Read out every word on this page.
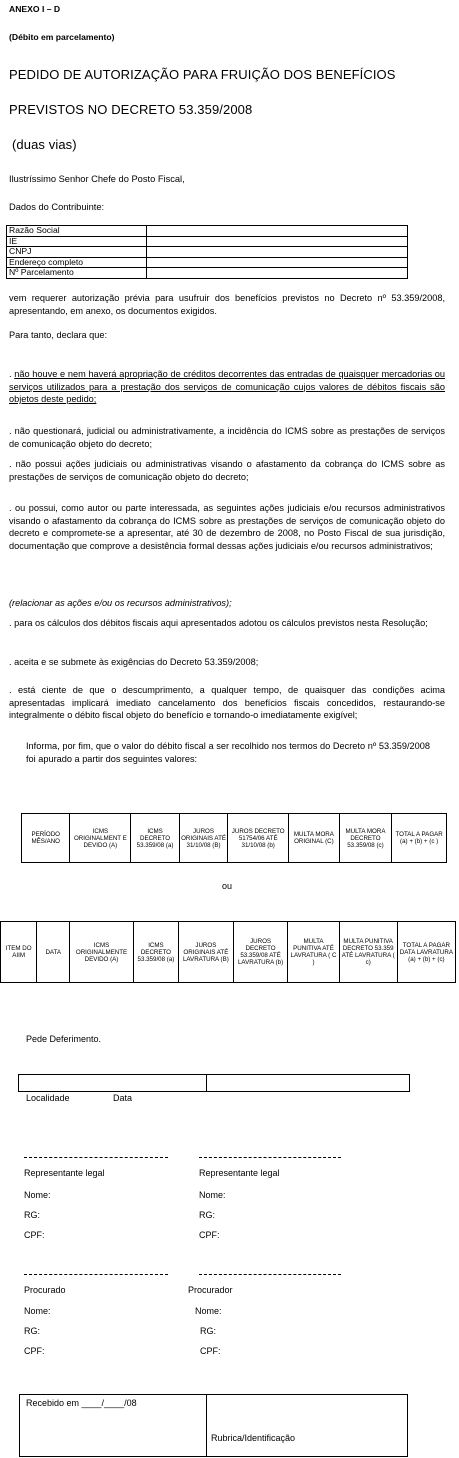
ANEXO I – D
(Débito em parcelamento)
PEDIDO DE AUTORIZAÇÃO PARA FRUIÇÃO DOS BENEFÍCIOS
PREVISTOS NO DECRETO 53.359/2008
(duas vias)
Ilustríssimo Senhor Chefe do Posto Fiscal,
Dados do Contribuinte:
Razão Social	
IE	
CNPJ	
Endereço completo	
Nº Parcelamento	
vem requerer autorização prévia para usufruir dos benefícios previstos no Decreto nº 53.359/2008, apresentando, em anexo, os documentos exigidos.
Para tanto, declara que:
. não houve e nem haverá apropriação de créditos decorrentes das entradas de quaisquer mercadorias ou serviços utilizados para a prestação dos serviços de comunicação cujos valores de débitos fiscais são objetos deste pedido;
. não questionará, judicial ou administrativamente, a incidência do ICMS sobre as prestações de serviços de comunicação objeto do decreto;
. não possui ações judiciais ou administrativas visando o afastamento da cobrança do ICMS sobre as prestações de serviços de comunicação objeto do decreto;
. ou possui, como autor ou parte interessada, as seguintes ações judiciais e/ou recursos administrativos visando o afastamento da cobrança do ICMS sobre as prestações de serviços de comunicação objeto do decreto e compromete-se a apresentar, até 30 de dezembro de 2008, no Posto Fiscal de sua jurisdição, documentação que comprove a desistência formal dessas ações judiciais e/ou recursos administrativos;
(relacionar as ações e/ou os recursos administrativos);
. para os cálculos dos débitos fiscais aqui apresentados adotou os cálculos previstos nesta Resolução;
. aceita e se submete às exigências do Decreto 53.359/2008;
. está ciente de que o descumprimento, a qualquer tempo, de quaisquer das condições acima apresentadas implicará imediato cancelamento dos benefícios fiscais concedidos, restaurando-se integralmente o débito fiscal objeto do benefício e tornando-o imediatamente exigível;
Informa, por fim, que o valor do débito fiscal a ser recolhido nos termos do Decreto nº 53.359/2008 foi apurado a partir dos seguintes valores:
PERÍODO MÊS/ANO	ICMS ORIGINALMENT E DEVIDO (A)	ICMS DECRETO 53.359/08 (a)	JUROS ORIGINAIS ATÉ 31/10/08 (B)	JUROS DECRETO 51754/06 ATÉ 31/10/08 (b)	MULTA MORA ORIGINAL (C)	MULTA MORA DECRETO 53.359/08 (c)	TOTAL A PAGAR (a) + (b) + (c )
ou
ITEM DO AIIM	DATA	ICMS ORIGINALMENTE DEVIDO (A)	ICMS DECRETO 53.359/08 (a)	JUROS ORIGINAIS ATÉ LAVRATURA (B)	JUROS DECRETO 53.359/08 ATÉ LAVRATURA (b)	MULTA PUNITIVA ATÉ LAVRATURA ( C )	MULTA PUNITIVA DECRETO 53.359 ATÉ LAVRATURA ( c)	TOTAL A PAGAR DATA LAVRATURA (a) + (b) + (c)
Pede Deferimento.
Localidade	Data
Representante legal
Nome:
RG:
CPF:
Representante legal
Nome:
RG:
CPF:
Procurado
Nome:
RG:
CPF:
Procurador
Nome:
RG:
CPF:
Recebido em ____/____/08
Rubrica/Identificação
